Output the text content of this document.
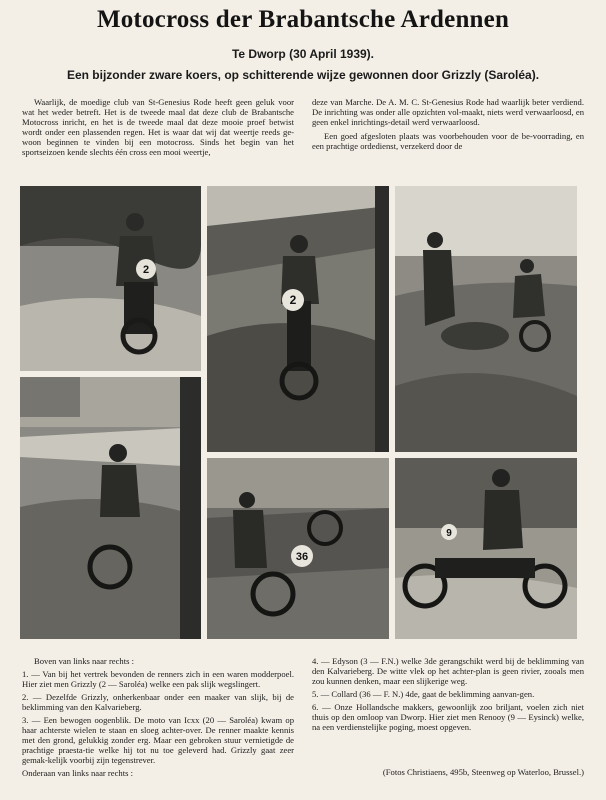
Motocross der Brabantsche Ardennen
Te Dworp (30 April 1939).
Een bijzonder zware koers, op schitterende wijze gewonnen door Grizzly (Saroléa).

Waarlijk, de moedige club van St-Genesius Rode heeft geen geluk voor wat het weder betreft. Het is de tweede maal dat deze club de Brabantsche Motocross inricht, en het is de tweede maal dat deze mooie proef betwist wordt onder een plassenden regen. Het is waar dat wij dat weertje reeds ge-woon beginnen te vinden bij een motocross. Sinds het begin van het sportseizoen kende slechts één cross een mooi weertje,

deze van Marche. De A. M. C. St-Genesius Rode had waarlijk beter verdiend. De inrichting was onder alle opzichten vol-maakt, niets werd verwaarloosd, en geen enkel inrichtings-detail werd verwaarloosd.

Een goed afgesloten plaats was voorbehouden voor de be-voorrading, en een prachtige ordedienst, verzekerd door de

2
2
36
9

Boven van links naar rechts :

1. — Van bij het vertrek bevonden de renners zich in een waren modderpoel. Hier ziet men Grizzly (2 — Saroléa) welke een pak slijk wegslingert.

2. — Dezelfde Grizzly, onherkenbaar onder een maaker van slijk, bij de beklimming van den Kalvarieberg.

3. — Een bewogen oogenblik. De moto van Icxx (20 — Saroléa) kwam op haar achterste wielen te staan en sloeg achter-over. De renner maakte kennis met den grond, gelukkig zonder erg. Maar een gebroken stuur vernietigde de prachtige praesta-tie welke hij tot nu toe geleverd had. Grizzly gaat zeer gemak-kelijk voorbij zijn tegenstrever.

Onderaan van links naar rechts :

4. — Edyson (3 — F.N.) welke 3de gerangschikt werd bij de beklimming van den Kalvarieberg. De witte vlek op het achter-plan is geen rivier, zooals men zou kunnen denken, maar een slijkerige weg.

5. — Collard (36 — F. N.) 4de, gaat de beklimming aanvan-gen.

6. — Onze Hollandsche makkers, gewoonlijk zoo briljant, voelen zich niet thuis op den omloop van Dworp. Hier ziet men Renooy (9 — Eysinck) welke, na een verdienstelijke poging, moest opgeven.

(Fotos Christiaens, 495b, Steenweg op Waterloo, Brussel.)
